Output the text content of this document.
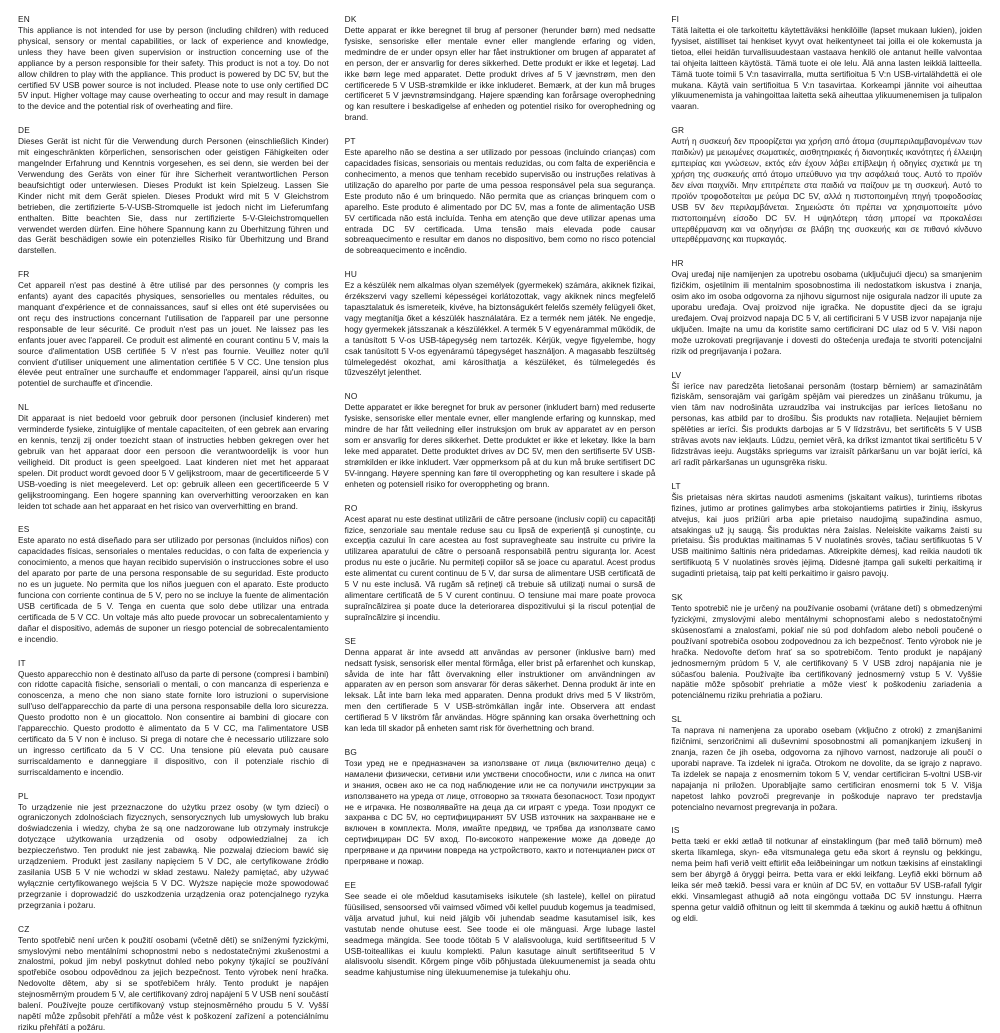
EN

This appliance is not intended for use by person (including children) with reduced physical, sensory or mental capabilities, or lack of experience and knowledge, unless they have been given supervision or instruction concerning use of the appliance by a person responsible for their safety. This product is not a toy. Do not allow children to play with the appliance. This product is powered by DC 5V, but the certified 5V USB power source is not included. Please note to use only certified DC 5V input. Higher voltage may cause overheating to occur and may result in damage to the device and the potential risk of overheating and fiire.

DE

Dieses Gerät ist nicht für die Verwendung durch Personen (einschließlich Kinder) mit eingeschränkten körperlichen, sensorischen oder geistigen Fähigkeiten oder mangelnder Erfahrung und Kenntnis vorgesehen, es sei denn, sie werden bei der Verwendung des Geräts von einer für ihre Sicherheit verantwortlichen Person beaufsichtigt oder unterwiesen. Dieses Produkt ist kein Spielzeug. Lassen Sie Kinder nicht mit dem Gerät spielen. Dieses Produkt wird mit 5 V Gleichstrom betrieben, die zertifizierte 5-V-USB-Stromquelle ist jedoch nicht im Lieferumfang enthalten. Bitte beachten Sie, dass nur zertifizierte 5-V-Gleichstromquellen verwendet werden dürfen. Eine höhere Spannung kann zu Überhitzung führen und das Gerät beschädigen sowie ein potenzielles Risiko für Überhitzung und Brand darstellen.

FR

Cet appareil n'est pas destiné à être utilisé par des personnes (y compris les enfants) ayant des capacités physiques, sensorielles ou mentales réduites, ou manquant d'expérience et de connaissances, sauf si elles ont été supervisées ou ont reçu des instructions concernant l'utilisation de l'appareil par une personne responsable de leur sécurité. Ce produit n'est pas un jouet. Ne laissez pas les enfants jouer avec l'appareil. Ce produit est alimenté en courant continu 5 V, mais la source d'alimentation USB certifiée 5 V n'est pas fournie. Veuillez noter qu'il convient d'utiliser uniquement une alimentation certifiée 5 V CC. Une tension plus élevée peut entraîner une surchauffe et endommager l'appareil, ainsi qu'un risque potentiel de surchauffe et d'incendie.

NL

Dit apparaat is niet bedoeld voor gebruik door personen (inclusief kinderen) met verminderde fysieke, zintuiglijke of mentale capaciteiten, of een gebrek aan ervaring en kennis, tenzij zij onder toezicht staan of instructies hebben gekregen over het gebruik van het apparaat door een persoon die verantwoordelijk is voor hun veiligheid. Dit product is geen speelgoed. Laat kinderen niet met het apparaat spelen. Dit product wordt gevoed door 5 V gelijkstroom, maar de gecertificeerde 5 V USB-voeding is niet meegeleverd. Let op: gebruik alleen een gecertificeerde 5 V gelijkstroomingang. Een hogere spanning kan oververhitting veroorzaken en kan leiden tot schade aan het apparaat en het risico van oververhitting en brand.

ES

Este aparato no está diseñado para ser utilizado por personas (incluidos niños) con capacidades físicas, sensoriales o mentales reducidas, o con falta de experiencia y conocimiento, a menos que hayan recibido supervisión o instrucciones sobre el uso del aparato por parte de una persona responsable de su seguridad. Este producto no es un juguete. No permita que los niños jueguen con el aparato. Este producto funciona con corriente continua de 5 V, pero no se incluye la fuente de alimentación USB certificada de 5 V. Tenga en cuenta que solo debe utilizar una entrada certificada de 5 V CC. Un voltaje más alto puede provocar un sobrecalentamiento y dañar el dispositivo, además de suponer un riesgo potencial de sobrecalentamiento e incendio.

IT

Questo apparecchio non è destinato all'uso da parte di persone (compresi i bambini) con ridotte capacità fisiche, sensoriali o mentali, o con mancanza di esperienza e conoscenza, a meno che non siano state fornite loro istruzioni o supervisione sull'uso dell'apparecchio da parte di una persona responsabile della loro sicurezza. Questo prodotto non è un giocattolo. Non consentire ai bambini di giocare con l'apparecchio. Questo prodotto è alimentato da 5 V CC, ma l'alimentatore USB certificato da 5 V non è incluso. Si prega di notare che è necessario utilizzare solo un ingresso certificato da 5 V CC. Una tensione più elevata può causare surriscaldamento e danneggiare il dispositivo, con il potenziale rischio di surriscaldamento e incendio.

PL

To urządzenie nie jest przeznaczone do użytku przez osoby (w tym dzieci) o ograniczonych zdolnościach fizycznych, sensorycznych lub umysłowych lub braku doświadczenia i wiedzy, chyba że są one nadzorowane lub otrzymały instrukcje dotyczące użytkowania urządzenia od osoby odpowiedzialnej za ich bezpieczeństwo. Ten produkt nie jest zabawką. Nie pozwalaj dzieciom bawić się urządzeniem. Produkt jest zasilany napięciem 5 V DC, ale certyfikowane źródło zasilania USB 5 V nie wchodzi w skład zestawu. Należy pamiętać, aby używać wyłącznie certyfikowanego wejścia 5 V DC. Wyższe napięcie może spowodować przegrzanie i doprowadzić do uszkodzenia urządzenia oraz potencjalnego ryzyka przegrzania i pożaru.

CZ

Tento spotřebič není určen k použití osobami (včetně dětí) se sníženými fyzickými, smyslovými nebo mentálními schopnostmi nebo s nedostatečnými zkušenostmi a znalostmi, pokud jim nebyl poskytnut dohled nebo pokyny týkající se používání spotřebiče osobou odpovědnou za jejich bezpečnost. Tento výrobek není hračka. Nedovolte dětem, aby si se spotřebičem hrály. Tento produkt je napájen stejnosměrným proudem 5 V, ale certifikovaný zdroj napájení 5 V USB není součástí balení. Používejte pouze certifikovaný vstup stejnosměrného proudu 5 V. Vyšší napětí může způsobit přehřátí a může vést k poškození zařízení a potenciálnímu riziku přehřátí a požáru.

DK

Dette apparat er ikke beregnet til brug af personer (herunder børn) med nedsatte fysiske, sensoriske eller mentale evner eller manglende erfaring og viden, medmindre de er under opsyn eller har fået instruktioner om brugen af apparatet af en person, der er ansvarlig for deres sikkerhed. Dette produkt er ikke et legetøj. Lad ikke børn lege med apparatet. Dette produkt drives af 5 V jævnstrøm, men den certificerede 5 V USB-strømkilde er ikke inkluderet. Bemærk, at der kun må bruges certificeret 5 V jævnstrømsindgang. Højere spænding kan forårsage overophedning og kan resultere i beskadigelse af enheden og potentiel risiko for overophedning og brand.

PT

Este aparelho não se destina a ser utilizado por pessoas (incluindo crianças) com capacidades físicas, sensoriais ou mentais reduzidas, ou com falta de experiência e conhecimento, a menos que tenham recebido supervisão ou instruções relativas à utilização do aparelho por parte de uma pessoa responsável pela sua segurança. Este produto não é um brinquedo. Não permita que as crianças brinquem com o aparelho. Este produto é alimentado por DC 5V, mas a fonte de alimentação USB 5V certificada não está incluída. Tenha em atenção que deve utilizar apenas uma entrada DC 5V certificada. Uma tensão mais elevada pode causar sobreaquecimento e resultar em danos no dispositivo, bem como no risco potencial de sobreaquecimento e incêndio.

HU

Ez a készülék nem alkalmas olyan személyek (gyermekek) számára, akiknek fizikai, érzékszervi vagy szellemi képességei korlátozottak, vagy akiknek nincs megfelelő tapasztalatuk és ismereteik, kivéve, ha biztonságukért felelős személy felügyeli őket, vagy megtanítja őket a készülék használatára. Ez a termék nem játék. Ne engedje, hogy gyermekek játsszanak a készülékkel. A termék 5 V egyenárammal működik, de a tanúsított 5 V-os USB-tápegység nem tartozék. Kérjük, vegye figyelembe, hogy csak tanúsított 5 V-os egyenáramú tápegységet használjon. A magasabb feszültség túlmelegedést okozhat, ami károsíthatja a készüléket, és túlmelegedés és tűzveszélyt jelenthet.

NO

Dette apparatet er ikke beregnet for bruk av personer (inkludert barn) med reduserte fysiske, sensoriske eller mentale evner, eller manglende erfaring og kunnskap, med mindre de har fått veiledning eller instruksjon om bruk av apparatet av en person som er ansvarlig for deres sikkerhet. Dette produktet er ikke et leketøy. Ikke la barn leke med apparatet. Dette produktet drives av DC 5V, men den sertifiserte 5V USB-strømkilden er ikke inkludert. Vær oppmerksom på at du kun må bruke sertifisert DC 5V-inngang. Høyere spenning kan føre til overoppheting og kan resultere i skade på enheten og potensiell risiko for overoppheting og brann.

RO

Acest aparat nu este destinat utilizării de către persoane (inclusiv copii) cu capacități fizice, senzoriale sau mentale reduse sau cu lipsă de experiență și cunoștințe, cu excepția cazului în care acestea au fost supravegheate sau instruite cu privire la utilizarea aparatului de către o persoană responsabilă pentru siguranța lor. Acest produs nu este o jucărie. Nu permiteți copiilor să se joace cu aparatul. Acest produs este alimentat cu curent continuu de 5 V, dar sursa de alimentare USB certificată de 5 V nu este inclusă. Vă rugăm să rețineți că trebuie să utilizați numai o sursă de alimentare certificată de 5 V curent continuu. O tensiune mai mare poate provoca supraîncălzirea și poate duce la deteriorarea dispozitivului și la riscul potențial de supraîncălzire și incendiu.

SE

Denna apparat är inte avsedd att användas av personer (inklusive barn) med nedsatt fysisk, sensorisk eller mental förmåga, eller brist på erfarenhet och kunskap, såvida de inte har fått övervakning eller instruktioner om användningen av apparaten av en person som ansvarar för deras säkerhet. Denna produkt är inte en leksak. Låt inte barn leka med apparaten. Denna produkt drivs med 5 V likström, men den certifierade 5 V USB-strömkällan ingår inte. Observera att endast certifierad 5 V likström får användas. Högre spänning kan orsaka överhettning och kan leda till skador på enheten samt risk för överhettning och brand.

BG

Този уред не е предназначен за използване от лица (включително деца) с намалени физически, сетивни или умствени способности, или с липса на опит и знания, освен ако не са под наблюдение или не са получили инструкции за използването на уреда от лице, отговорно за тяхната безопасност. Този продукт не е играчка. Не позволявайте на деца да си играят с уреда. Този продукт се захранва с DC 5V, но сертифицираният 5V USB източник на захранване не е включен в комплекта. Моля, имайте предвид, че трябва да използвате само сертифициран DC 5V вход. По-високото напрежение може да доведе до прегряване и да причини повреда на устройството, както и потенциален риск от прегряване и пожар.

EE

See seade ei ole mõeldud kasutamiseks isikutele (sh lastele), kellel on piiratud füüsilised, sensoorsed või vaimsed võimed või kellel puudub kogemus ja teadmised, välja arvatud juhul, kui neid jälgib või juhendab seadme kasutamisel isik, kes vastutab nende ohutuse eest. See toode ei ole mänguasi. Ärge lubage lastel seadmega mängida. See toode töötab 5 V alalisvooluga, kuid sertifitseeritud 5 V USB-toiteallikas ei kuulu komplekti. Palun kasutage ainult sertifitseeritud 5 V alalisvoolu sisendit. Kõrgem pinge võib põhjustada ülekuumenemist ja seada ohtu seadme kahjustumise ning ülekuumenemise ja tulekahju ohu.

FI

Tätä laitetta ei ole tarkoitettu käytettäväksi henkilöille (lapset mukaan lukien), joiden fyysiset, aistilliset tai henkiset kyvyt ovat heikentyneet tai joilla ei ole kokemusta ja tietoa, ellei heidän turvallisuudestaan vastaava henkilö ole antanut heille valvontaa tai ohjeita laitteen käytöstä. Tämä tuote ei ole lelu. Älä anna lasten leikkiä laitteella. Tämä tuote toimii 5 V:n tasavirralla, mutta sertifioitua 5 V:n USB-virtalähdettä ei ole mukana. Käytä vain sertifioitua 5 V:n tasavirtaa. Korkeampi jännite voi aiheuttaa ylikuumenemista ja vahingoittaa laitetta sekä aiheuttaa ylikuumenemisen ja tulipalon vaaran.

GR

Αυτή η συσκευή δεν προορίζεται για χρήση από άτομα (συμπεριλαμβανομένων των παιδιών) με μειωμένες σωματικές, αισθητηριακές ή διανοητικές ικανότητες ή έλλειψη εμπειρίας και γνώσεων, εκτός εάν έχουν λάβει επίβλεψη ή οδηγίες σχετικά με τη χρήση της συσκευής από άτομο υπεύθυνο για την ασφάλειά τους. Αυτό το προϊόν δεν είναι παιχνίδι. Μην επιτρέπετε στα παιδιά να παίζουν με τη συσκευή. Αυτό το προϊόν τροφοδοτείται με ρεύμα DC 5V, αλλά η πιστοποιημένη πηγή τροφοδοσίας USB 5V δεν περιλαμβάνεται. Σημειώστε ότι πρέπει να χρησιμοποιείτε μόνο πιστοποιημένη είσοδο DC 5V. Η υψηλότερη τάση μπορεί να προκαλέσει υπερθέρμανση και να οδηγήσει σε βλάβη της συσκευής και σε πιθανό κίνδυνο υπερθέρμανσης και πυρκαγιάς.

HR

Ovaj uređaj nije namijenjen za upotrebu osobama (uključujući djecu) sa smanjenim fizičkim, osjetilnim ili mentalnim sposobnostima ili nedostatkom iskustva i znanja, osim ako im osoba odgovorna za njihovu sigurnost nije osigurala nadzor ili upute za uporabu uređaja. Ovaj proizvod nije igračka. Ne dopustite djeci da se igraju uređajem. Ovaj proizvod napaja DC 5 V, ali certificirani 5 V USB izvor napajanja nije uključen. Imajte na umu da koristite samo certificirani DC ulaz od 5 V. Viši napon može uzrokovati pregrijavanje i dovesti do oštećenja uređaja te stvoriti potencijalni rizik od pregrijavanja i požara.

LV

Šī ierīce nav paredzēta lietošanai personām (tostarp bērniem) ar samazinātām fiziskām, sensorajām vai garīgām spējām vai pieredzes un zināšanu trūkumu, ja vien tām nav nodrošināta uzraudzība vai instrukcijas par ierīces lietošanu no personas, kas atbild par to drošību. Šis produkts nav rotaļlieta. Neļaujiet bērniem spēlēties ar ierīci. Šis produkts darbojas ar 5 V līdzstrāvu, bet sertificēts 5 V USB strāvas avots nav iekļauts. Lūdzu, ņemiet vērā, ka drīkst izmantot tikai sertificētu 5 V līdzstrāvas ieeju. Augstāks spriegums var izraisīt pārkaršanu un var bojāt ierīci, kā arī radīt pārkaršanas un ugunsgrēka risku.

LT

Šis prietaisas nėra skirtas naudoti asmenims (įskaitant vaikus), turintiems ribotas fizines, jutimo ar protines galimybes arba stokojantiems patirties ir žinių, išskyrus atvejus, kai juos prižiūri arba apie prietaiso naudojimą supažindina asmuo, atsakingas už jų saugą. Šis produktas nėra žaislas. Neleiskite vaikams žaisti su prietaisu. Šis produktas maitinamas 5 V nuolatinės srovės, tačiau sertifikuotas 5 V USB maitinimo šaltinis nėra pridedamas. Atkreipkite dėmesį, kad reikia naudoti tik sertifikuotą 5 V nuolatinės srovės įėjimą. Didesnė įtampa gali sukelti perkaitimą ir sugadinti prietaisą, taip pat kelti perkaitimo ir gaisro pavojų.

SK

Tento spotrebič nie je určený na používanie osobami (vrátane detí) s obmedzenými fyzickými, zmyslovými alebo mentálnymi schopnosťami alebo s nedostatočnými skúsenosťami a znalosťami, pokiaľ nie sú pod dohľadom alebo neboli poučené o používaní spotrebiča osobou zodpovednou za ich bezpečnosť. Tento výrobok nie je hračka. Nedovoľte deťom hrať sa so spotrebičom. Tento produkt je napájaný jednosmerným prúdom 5 V, ale certifikovaný 5 V USB zdroj napájania nie je súčasťou balenia. Používajte iba certifikovaný jednosmerný vstup 5 V. Vyššie napätie môže spôsobiť prehriatie a môže viesť k poškodeniu zariadenia a potenciálnemu riziku prehriatia a požiaru.

SL

Ta naprava ni namenjena za uporabo osebam (vključno z otroki) z zmanjšanimi fizičnimi, senzoričnimi ali duševnimi sposobnostmi ali pomanjkanjem izkušenj in znanja, razen če jih oseba, odgovorna za njihovo varnost, nadzoruje ali poučí o uporabi naprave. Ta izdelek ni igrača. Otrokom ne dovolite, da se igrajo z napravo. Ta izdelek se napaja z enosmernim tokom 5 V, vendar certificiran 5-voltni USB-vir napajanja ni priložen. Uporabljajte samo certificiran enosmerni tok 5 V. Višja napetost lahko povzroči pregrevanje in poškoduje napravo ter predstavlja potencialno nevarnost pregrevanja in požara.

IS

Þetta tæki er ekki ætlað til notkunar af einstaklingum (þar með talið börnum) með skerta líkamlega, skyn- eða vitsmunalega getu eða skort á reynslu og þekkingu, nema þeim hafi verið veitt eftirlit eða leiðbeiningar um notkun tækisins af einstaklingi sem ber ábyrgð á öryggi þeirra. Þetta vara er ekki leikfang. Leyfið ekki börnum að leika sér með tækið. Þessi vara er knúin af DC 5V, en vottaður 5V USB-rafall fylgir ekki. Vinsamlegast athugið að nota eingöngu vottaða DC 5V innstungu. Hærra spenna getur valdið ofhitnun og leitt til skemmda á tækinu og aukið hættu á ofhitnun og eldi.
